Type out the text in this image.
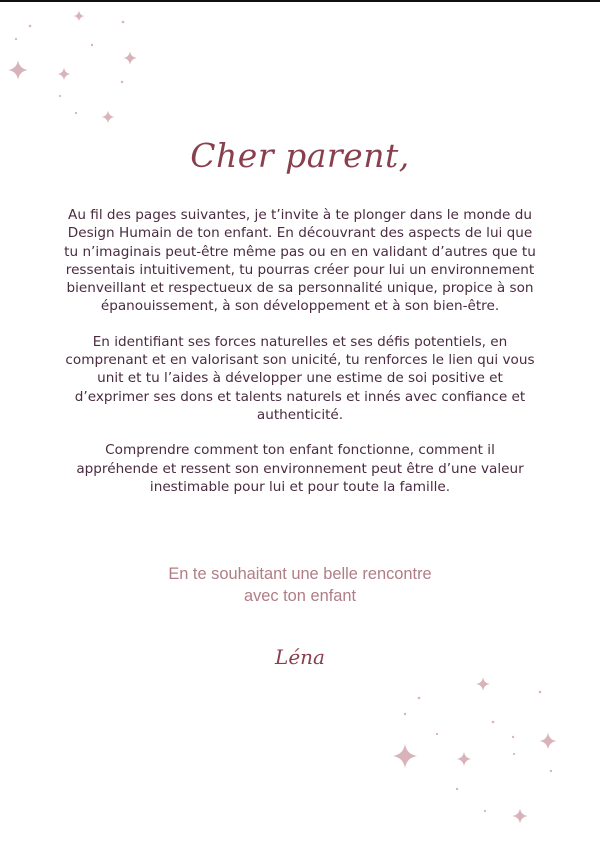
Cher parent,

Au fil des pages suivantes, je t’invite à te plonger dans le monde du Design Humain de ton enfant. En découvrant des aspects de lui que tu n’imaginais peut-être même pas ou en en validant d’autres que tu ressentais intuitivement, tu pourras créer pour lui un environnement bienveillant et respectueux de sa personnalité unique, propice à son épanouissement, à son développement et à son bien-être.

En identifiant ses forces naturelles et ses défis potentiels, en comprenant et en valorisant son unicité, tu renforces le lien qui vous unit et tu l’aides à développer une estime de soi positive et d’exprimer ses dons et talents naturels et innés avec confiance et authenticité.

Comprendre comment ton enfant fonctionne, comment il appréhende et ressent son environnement peut être d’une valeur inestimable pour lui et pour toute la famille.

En te souhaitant une belle rencontre
avec ton enfant
Léna
